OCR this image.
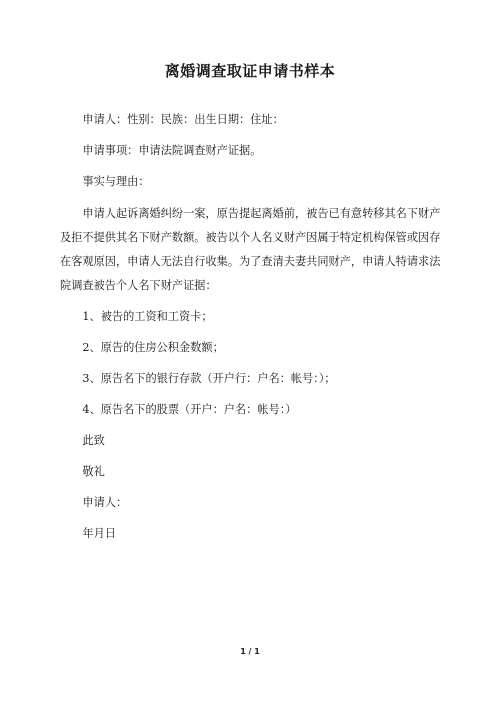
离婚调查取证申请书样本

申请人：性别：民族：出生日期：住址：

申请事项：申请法院调查财产证据。

事实与理由：

申请人起诉离婚纠纷一案，原告提起离婚前，被告已有意转移其名下财产及拒不提供其名下财产数额。被告以个人名义财产因属于特定机构保管或因存在客观原因，申请人无法自行收集。为了查清夫妻共同财产，申请人特请求法院调查被告个人名下财产证据：

1、被告的工资和工资卡；

2、原告的住房公积金数额；

3、原告名下的银行存款（开户行：户名：帐号：）；

4、原告名下的股票（开户：户名：帐号：）

此致

敬礼

申请人：

年月日

1 / 1
